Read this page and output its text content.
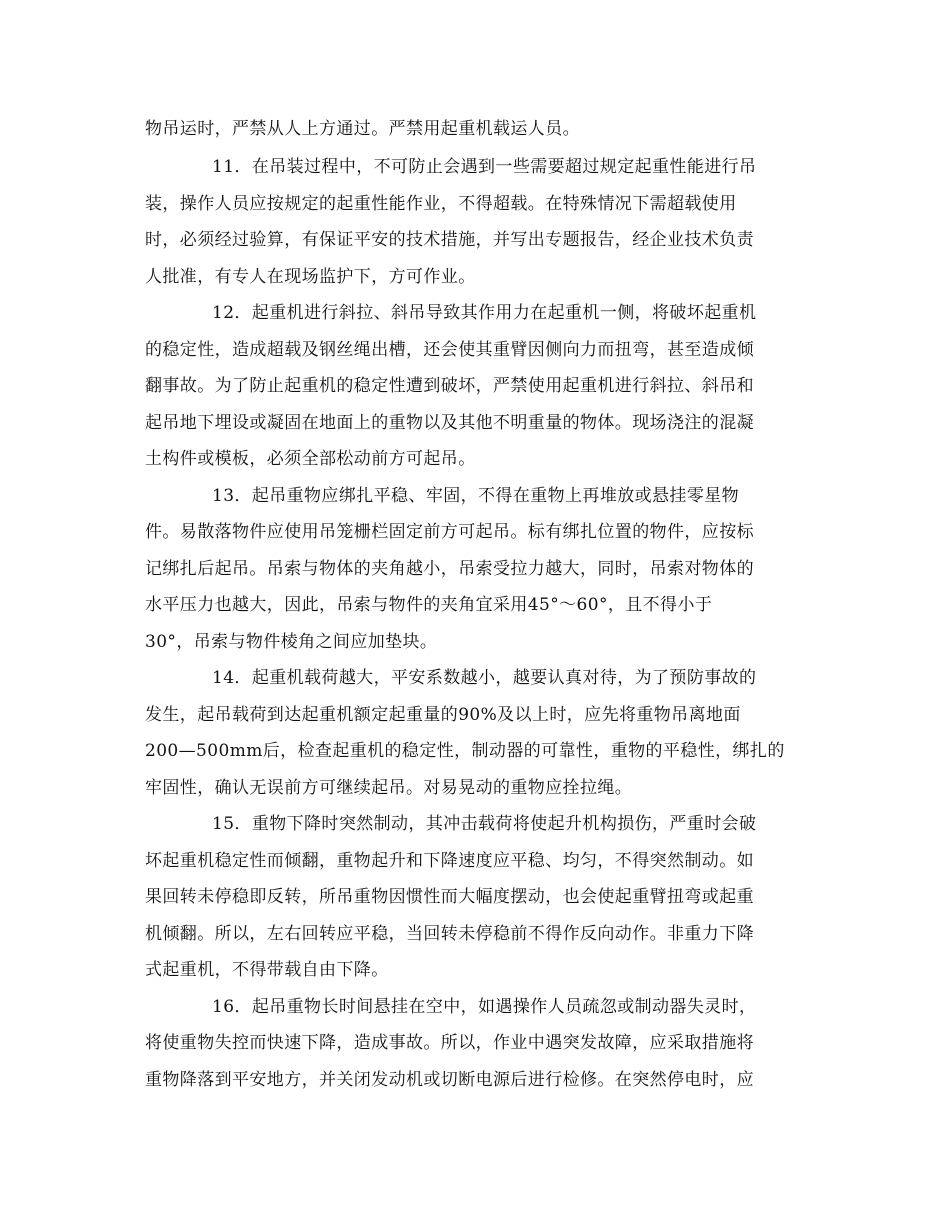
物吊运时，严禁从人上方通过。严禁用起重机载运人员。
11．在吊装过程中，不可防止会遇到一些需要超过规定起重性能进行吊
装，操作人员应按规定的起重性能作业，不得超载。在特殊情况下需超载使用
时，必须经过验算，有保证平安的技术措施，并写出专题报告，经企业技术负责
人批准，有专人在现场监护下，方可作业。
12．起重机进行斜拉、斜吊导致其作用力在起重机一侧，将破坏起重机
的稳定性，造成超载及钢丝绳出槽，还会使其重臂因侧向力而扭弯，甚至造成倾
翻事故。为了防止起重机的稳定性遭到破坏，严禁使用起重机进行斜拉、斜吊和
起吊地下埋设或凝固在地面上的重物以及其他不明重量的物体。现场浇注的混凝
土构件或模板，必须全部松动前方可起吊。
13．起吊重物应绑扎平稳、牢固，不得在重物上再堆放或悬挂零星物
件。易散落物件应使用吊笼栅栏固定前方可起吊。标有绑扎位置的物件，应按标
记绑扎后起吊。吊索与物体的夹角越小，吊索受拉力越大，同时，吊索对物体的
水平压力也越大，因此，吊索与物件的夹角宜采用45°～60°，且不得小于
30°，吊索与物件棱角之间应加垫块。
14．起重机载荷越大，平安系数越小，越要认真对待，为了预防事故的
发生，起吊载荷到达起重机额定起重量的90%及以上时，应先将重物吊离地面
200—500mm后，检查起重机的稳定性，制动器的可靠性，重物的平稳性，绑扎的
牢固性，确认无误前方可继续起吊。对易晃动的重物应拴拉绳。
15．重物下降时突然制动，其冲击载荷将使起升机构损伤，严重时会破
坏起重机稳定性而倾翻，重物起升和下降速度应平稳、均匀，不得突然制动。如
果回转未停稳即反转，所吊重物因惯性而大幅度摆动，也会使起重臂扭弯或起重
机倾翻。所以，左右回转应平稳，当回转未停稳前不得作反向动作。非重力下降
式起重机，不得带载自由下降。
16．起吊重物长时间悬挂在空中，如遇操作人员疏忽或制动器失灵时，
将使重物失控而快速下降，造成事故。所以，作业中遇突发故障，应采取措施将
重物降落到平安地方，并关闭发动机或切断电源后进行检修。在突然停电时，应
